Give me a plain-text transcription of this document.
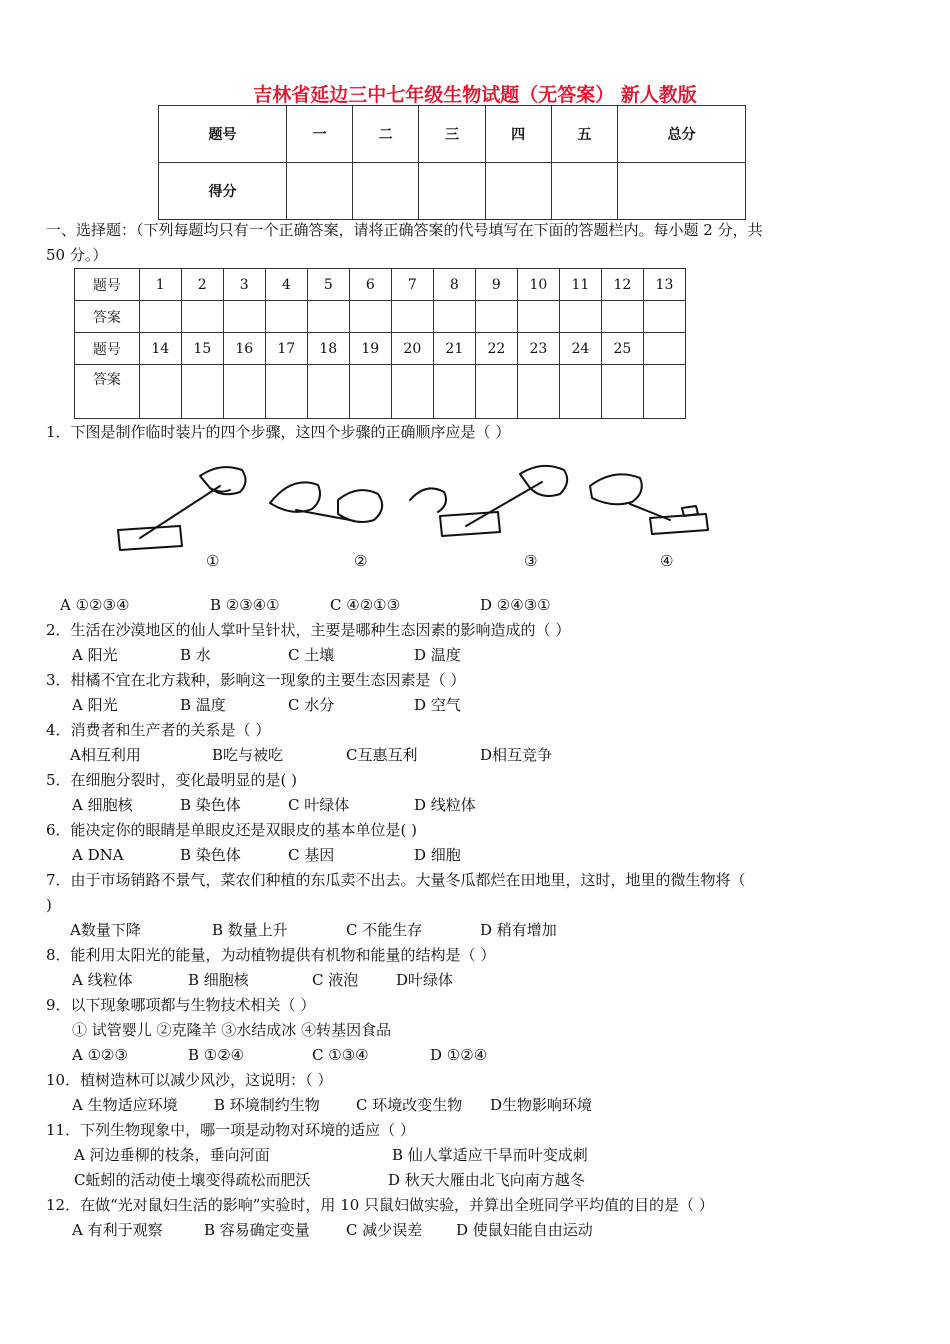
吉林省延边三中七年级生物试题（无答案） 新人教版
题号	一	二	三	四	五	总分
得分						
一、选择题：（下列每题均只有一个正确答案，请将正确答案的代号填写在下面的答题栏内。每小题 2 分，共
50 分。）
题号	1	2	3	4	5	6	7	8	9	10	11	12	13
答案													
题号	14	15	16	17	18	19	20	21	22	23	24	25	
答案													
1．下图是制作临时装片的四个步骤，这四个步骤的正确顺序应是（ ）
①	②	③	④
A ①②③④	B ②③④①	C ④②①③	D ②④③①
2．生活在沙漠地区的仙人掌叶呈针状，主要是哪种生态因素的影响造成的（ ）
A 阳光	B 水	C 土壤	D 温度
3．柑橘不宜在北方栽种，影响这一现象的主要生态因素是（ ）
A 阳光	B 温度	C 水分	D 空气
4．消费者和生产者的关系是（ ）
A相互利用	B吃与被吃	C互惠互利	D相互竞争
5．在细胞分裂时，变化最明显的是( )
A 细胞核	B 染色体	C 叶绿体	D 线粒体
6．能决定你的眼睛是单眼皮还是双眼皮的基本单位是( )
A DNA	B 染色体	C 基因	D 细胞
7．由于市场销路不景气，菜农们种植的东瓜卖不出去。大量冬瓜都烂在田地里，这时，地里的微生物将（
)
A数量下降	B 数量上升	C 不能生存	D 稍有增加
8．能利用太阳光的能量，为动植物提供有机物和能量的结构是（ ）
A 线粒体	B 细胞核	C 液泡	D叶绿体
9．以下现象哪项都与生物技术相关（ ）
① 试管婴儿 ②克隆羊 ③水结成冰 ④转基因食品
A ①②③	B ①②④	C ①③④	D ①②④
10．植树造林可以减少风沙，这说明：（ ）
A 生物适应环境 B 环境制约生物 C 环境改变生物 D生物影响环境
11．下列生物现象中，哪一项是动物对环境的适应（ ）
A 河边垂柳的枝条，垂向河面	B 仙人掌适应干旱而叶变成刺
C蚯蚓的活动使土壤变得疏松而肥沃	D 秋天大雁由北飞向南方越冬
12．在做“光对鼠妇生活的影响”实验时，用 10 只鼠妇做实验，并算出全班同学平均值的目的是（ ）
A 有利于观察	B 容易确定变量 C 减少误差 D 使鼠妇能自由运动
